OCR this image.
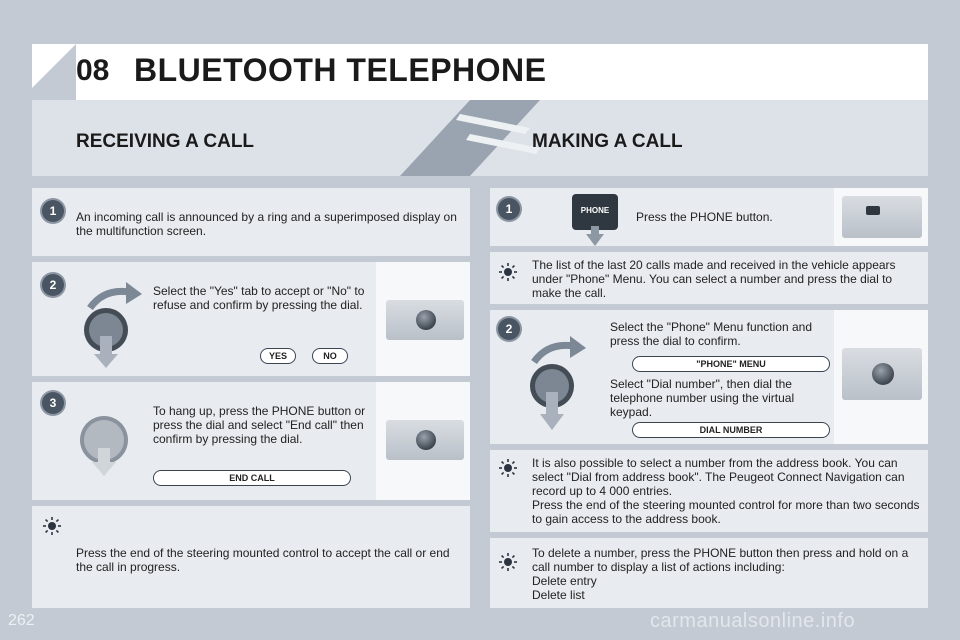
08 BLUETOOTH TELEPHONE
RECEIVING A CALL	MAKING A CALL
1	An incoming call is announced by a ring and a superimposed display on the multifunction screen.
2	Select the "Yes" tab to accept or "No" to refuse and confirm by pressing the dial.
YES	NO
3
To hang up, press the PHONE button or press the dial and select "End call" then confirm by pressing the dial.
END CALL
Press the end of the steering mounted control to accept the call or end the call in progress.
1	PHONE	Press the PHONE button.
The list of the last 20 calls made and received in the vehicle appears under "Phone" Menu. You can select a number and press the dial to make the call.
2	Select the "Phone" Menu function and press the dial to confirm.
"PHONE" MENU
Select "Dial number", then dial the telephone number using the virtual keypad.
DIAL NUMBER
It is also possible to select a number from the address book. You can select "Dial from address book". The Peugeot Connect Navigation can record up to 4 000 entries.
Press the end of the steering mounted control for more than two seconds to gain access to the address book.
To delete a number, press the PHONE button then press and hold on a call number to display a list of actions including:
Delete entry
Delete list
262	carmanualsonline.info
